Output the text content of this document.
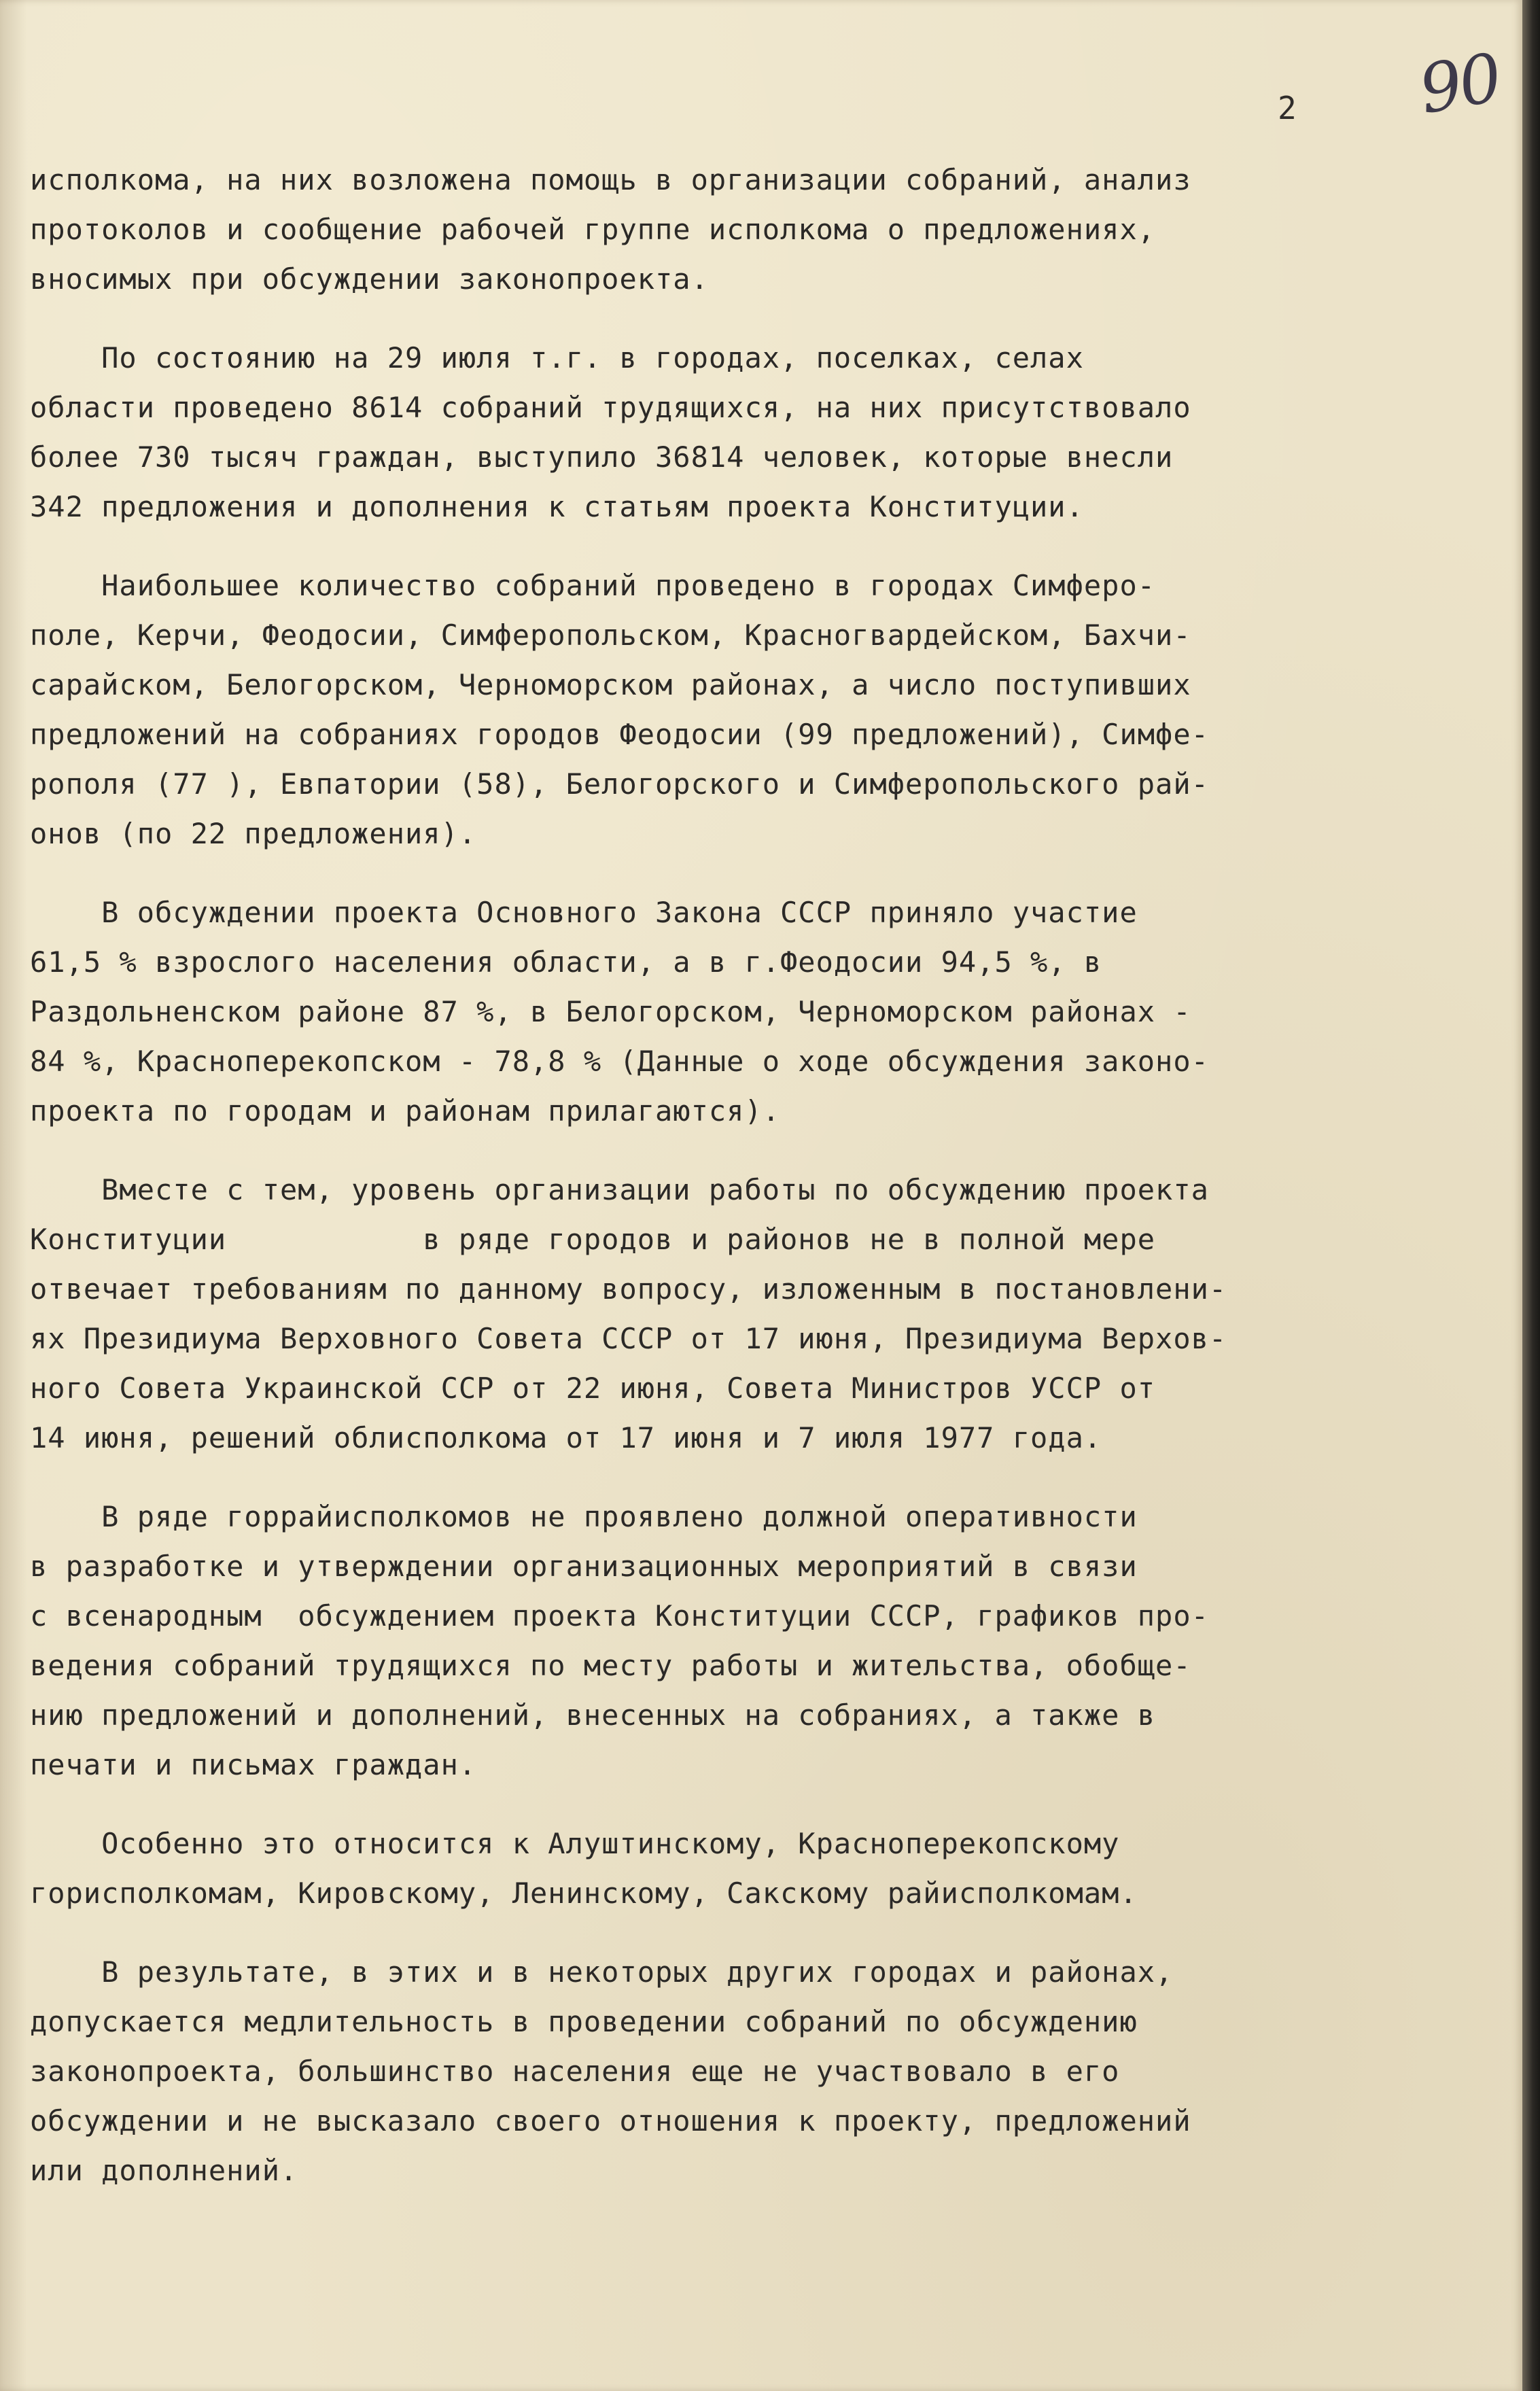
2 90
исполкома, на них возложена помощь в организации собраний, анализ
протоколов и сообщение рабочей группе исполкома о предложениях,
вносимых при обсуждении законопроекта.
По состоянию на 29 июля т.г. в городах, поселках, селах
области проведено 8614 собраний трудящихся, на них присутствовало
более 730 тысяч граждан, выступило 36814 человек, которые внесли
342 предложения и дополнения к статьям проекта Конституции.
Наибольшее количество собраний проведено в городах Симферо-
поле, Керчи, Феодосии, Симферопольском, Красногвардейском, Бахчи-
сарайском, Белогорском, Черноморском районах, а число поступивших
предложений на собраниях городов Феодосии (99 предложений), Симфе-
рополя (77 ), Евпатории (58), Белогорского и Симферопольского рай-
онов (по 22 предложения).
В обсуждении проекта Основного Закона СССР приняло участие
61,5 % взрослого населения области, а в г.Феодосии 94,5 %, в
Раздольненском районе 87 %, в Белогорском, Черноморском районах -
84 %, Красноперекопском - 78,8 % (Данные о ходе обсуждения законо-
проекта по городам и районам прилагаются).
Вместе с тем, уровень организации работы по обсуждению проекта
Конституции           в ряде городов и районов не в полной мере
отвечает требованиям по данному вопросу, изложенным в постановлени-
ях Президиума Верховного Совета СССР от 17 июня, Президиума Верхов-
ного Совета Украинской ССР от 22 июня, Совета Министров УССР от
14 июня, решений облисполкома от 17 июня и 7 июля 1977 года.
В ряде горрайисполкомов не проявлено должной оперативности
в разработке и утверждении организационных мероприятий в связи
с всенародным  обсуждением проекта Конституции СССР, графиков про-
ведения собраний трудящихся по месту работы и жительства, обобще-
нию предложений и дополнений, внесенных на собраниях, а также в
печати и письмах граждан.
Особенно это относится к Алуштинскому, Красноперекопскому
горисполкомам, Кировскому, Ленинскому, Сакскому райисполкомам.
В результате, в этих и в некоторых других городах и районах,
допускается медлительность в проведении собраний по обсуждению
законопроекта, большинство населения еще не участвовало в его
обсуждении и не высказало своего отношения к проекту, предложений
или дополнений.
